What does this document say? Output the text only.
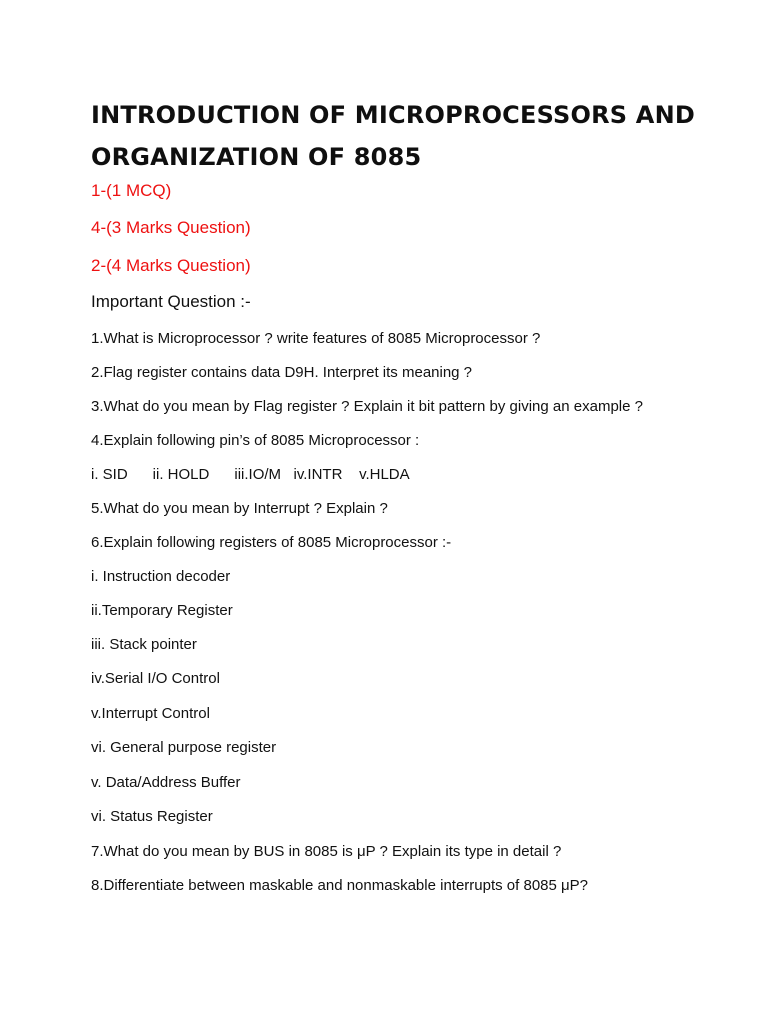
INTRODUCTION OF MICROPROCESSORS AND ORGANIZATION OF 8085

1-(1 MCQ)

4-(3 Marks Question)

2-(4 Marks Question)

Important Question :-

1.What is Microprocessor ? write features of 8085 Microprocessor ?

2.Flag register contains data D9H. Interpret its meaning ?

3.What do you mean by Flag register ? Explain it bit pattern by giving an example ?

4.Explain following pin’s of 8085 Microprocessor :

i. SID      ii. HOLD      iii.IO/M   iv.INTR    v.HLDA

5.What do you mean by Interrupt ? Explain ?

6.Explain following registers of 8085 Microprocessor :-

i. Instruction decoder

ii.Temporary Register

iii. Stack pointer

iv.Serial I/O Control

v.Interrupt Control

vi. General purpose register

v. Data/Address Buffer

vi. Status Register

7.What do you mean by BUS in 8085 is μP ? Explain its type in detail ?

8.Differentiate between maskable and nonmaskable interrupts of 8085 μP?
